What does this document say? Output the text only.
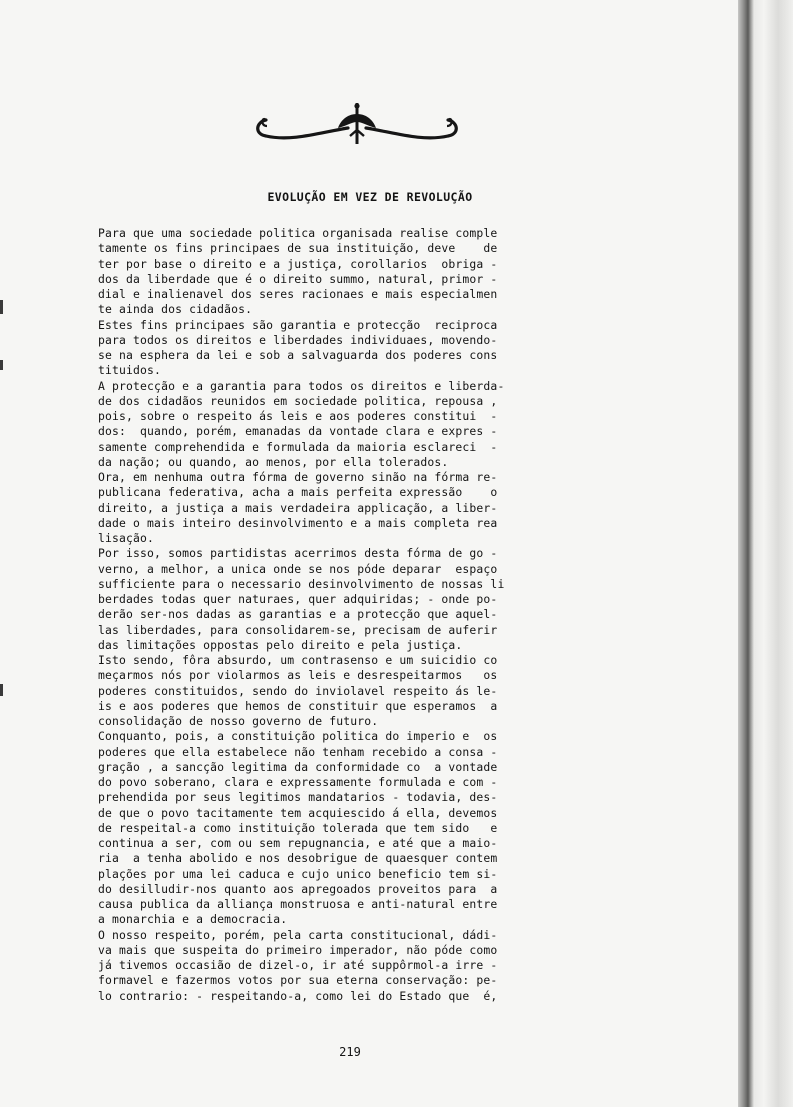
EVOLUÇÃO EM VEZ DE REVOLUÇÃO
Para que uma sociedade politica organisada realise comple
tamente os fins principaes de sua instituição, deve    de
ter por base o direito e a justiça, corollarios  obriga -
dos da liberdade que é o direito summo, natural, primor -
dial e inalienavel dos seres racionaes e mais especialmen
te ainda dos cidadãos.
Estes fins principaes são garantia e protecção  reciproca
para todos os direitos e liberdades individuaes, movendo-
se na esphera da lei e sob a salvaguarda dos poderes cons
tituidos.
A protecção e a garantia para todos os direitos e liberda-
de dos cidadãos reunidos em sociedade politica, repousa ,
pois, sobre o respeito ás leis e aos poderes constitui  -
dos:  quando, porém, emanadas da vontade clara e expres -
samente comprehendida e formulada da maioria esclareci  -
da nação; ou quando, ao menos, por ella tolerados.
Ora, em nenhuma outra fórma de governo sinão na fórma re-
publicana federativa, acha a mais perfeita expressão    o
direito, a justiça a mais verdadeira applicação, a liber-
dade o mais inteiro desinvolvimento e a mais completa rea
lisação.
Por isso, somos partidistas acerrimos desta fórma de go -
verno, a melhor, a unica onde se nos póde deparar  espaço
sufficiente para o necessario desinvolvimento de nossas li
berdades todas quer naturaes, quer adquiridas; - onde po-
derão ser-nos dadas as garantias e a protecção que aquel-
las liberdades, para consolidarem-se, precisam de auferir
das limitações oppostas pelo direito e pela justiça.
Isto sendo, fôra absurdo, um contrasenso e um suicidio co
meçarmos nós por violarmos as leis e desrespeitarmos   os
poderes constituidos, sendo do inviolavel respeito ás le-
is e aos poderes que hemos de constituir que esperamos  a
consolidação de nosso governo de futuro.
Conquanto, pois, a constituição politica do imperio e  os
poderes que ella estabelece não tenham recebido a consa -
gração , a sancção legitima da conformidade co  a vontade
do povo soberano, clara e expressamente formulada e com -
prehendida por seus legitimos mandatarios - todavia, des-
de que o povo tacitamente tem acquiescido á ella, devemos
de respeital-a como instituição tolerada que tem sido   e
continua a ser, com ou sem repugnancia, e até que a maio-
ria  a tenha abolido e nos desobrigue de quaesquer contem
plações por uma lei caduca e cujo unico beneficio tem si-
do desilludir-nos quanto aos apregoados proveitos para  a
causa publica da alliança monstruosa e anti-natural entre
a monarchia e a democracia.
O nosso respeito, porém, pela carta constitucional, dádi-
va mais que suspeita do primeiro imperador, não póde como
já tivemos occasião de dizel-o, ir até suppôrmol-a irre -
formavel e fazermos votos por sua eterna conservação: pe-
lo contrario: - respeitando-a, como lei do Estado que  é,
219
